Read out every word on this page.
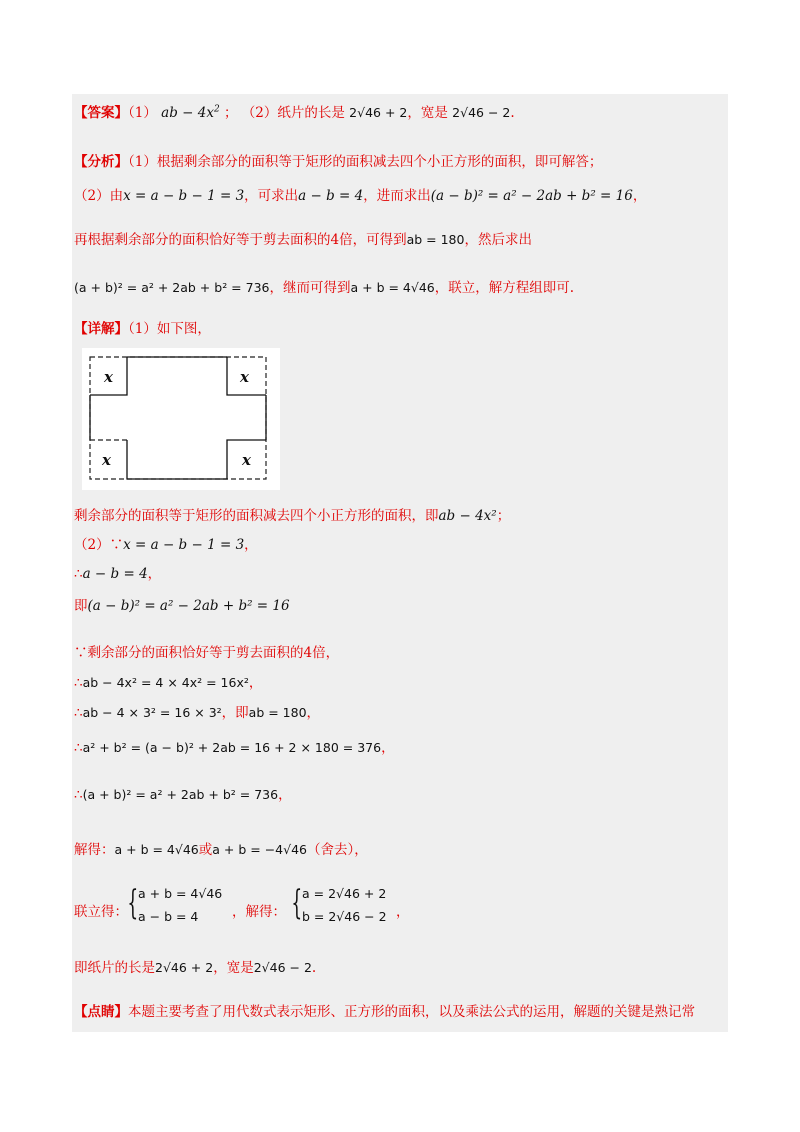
【答案】（1） ab − $4x^2$ ； （2）纸片的长是 2√46 + 2，宽是 2√46 − 2.
【分析】（1）根据剩余部分的面积等于矩形的面积减去四个小正方形的面积，即可解答；
（2）由x = a − b − 1 = 3，可求出a − b = 4，进而求出(a − b)² = a² − 2ab + b² = 16，
再根据剩余部分的面积恰好等于剪去面积的4倍，可得到ab = 180，然后求出
(a + b)² = a² + 2ab + b² = 736，继而可得到a + b = 4√46，联立，解方程组即可.
【详解】（1）如下图，
x	x
x	x
剩余部分的面积等于矩形的面积减去四个小正方形的面积，即ab − 4x²；
（2）∵x = a − b − 1 = 3，
∴a − b = 4，
即(a − b)² = a² − 2ab + b² = 16
∵剩余部分的面积恰好等于剪去面积的4倍，
∴ab − 4x² = 4 × 4x² = 16x²，
∴ab − 4 × 3² = 16 × 3²，即ab = 180，
∴a² + b² = (a − b)² + 2ab = 16 + 2 × 180 = 376，
∴(a + b)² = a² + 2ab + b² = 736，
解得：a + b = 4√46或a + b = −4√46（舍去），
联立得： { a + b = 4√46
a − b = 4 ，解得： { a = 2√46 + 2
b = 2√46 − 2 ，
即纸片的长是2√46 + 2，宽是2√46 − 2.
【点睛】本题主要考查了用代数式表示矩形、正方形的面积，以及乘法公式的运用，解题的关键是熟记常
